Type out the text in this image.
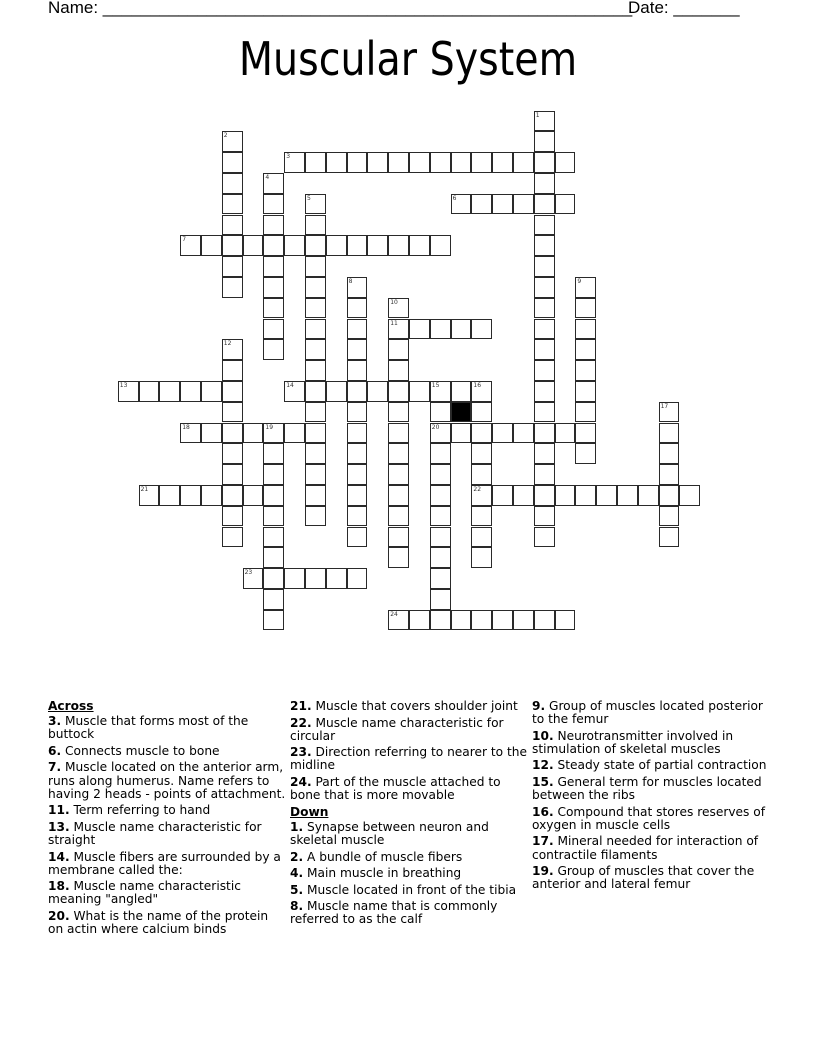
Name: ________________________________________________________
Date: _______
Muscular System
1
2
3
4
5	6
7
8	9
10
11
12
13	14	15	16
20
22
17
18	19
21
23
24
Across
3. Muscle that forms most of the buttock
6. Connects muscle to bone
7. Muscle located on the anterior arm, runs along humerus. Name refers to having 2 heads - points of attachment.
11. Term referring to hand
13. Muscle name characteristic for straight
14. Muscle fibers are surrounded by a membrane called the:
18. Muscle name characteristic meaning "angled"
20. What is the name of the protein on actin where calcium binds
21. Muscle that covers shoulder joint
22. Muscle name characteristic for circular
23. Direction referring to nearer to the midline
24. Part of the muscle attached to bone that is more movable
Down
1. Synapse between neuron and skeletal muscle
2. A bundle of muscle fibers
4. Main muscle in breathing
5. Muscle located in front of the tibia
8. Muscle name that is commonly referred to as the calf
9. Group of muscles located posterior to the femur
10. Neurotransmitter involved in stimulation of skeletal muscles
12. Steady state of partial contraction
15. General term for muscles located between the ribs
16. Compound that stores reserves of oxygen in muscle cells
17. Mineral needed for interaction of contractile filaments
19. Group of muscles that cover the anterior and lateral femur
